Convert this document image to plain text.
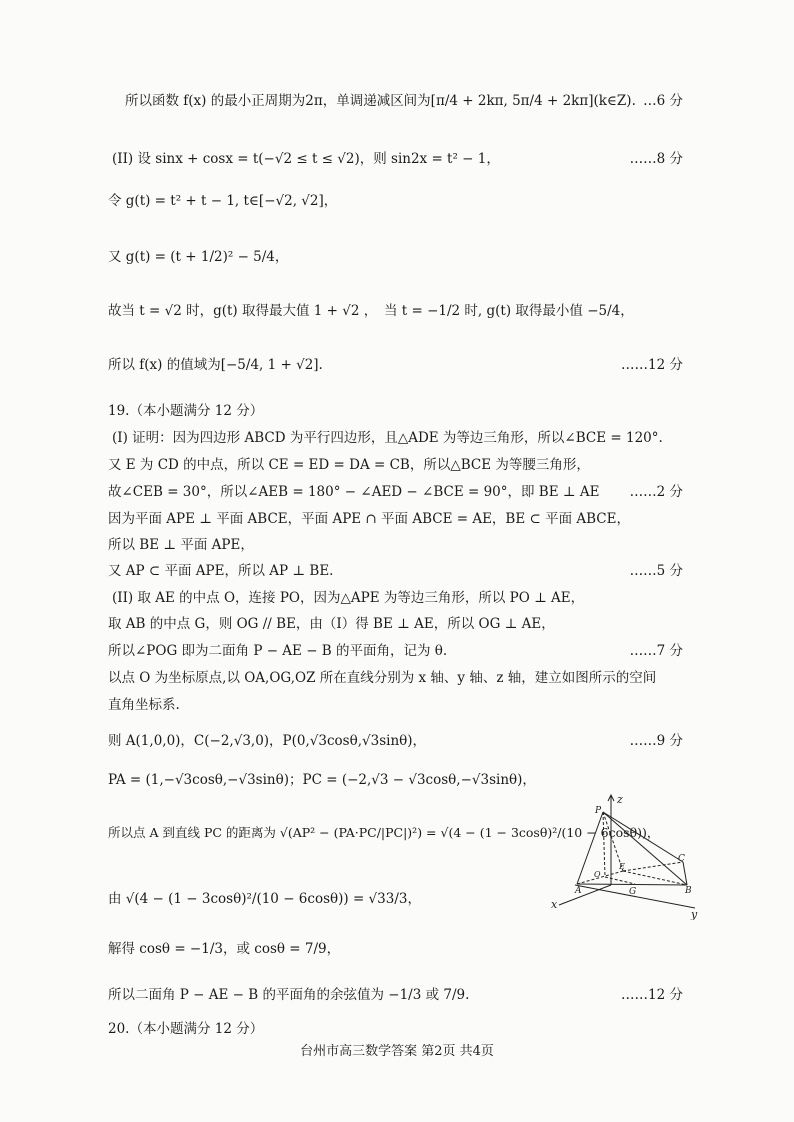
所以函数 f(x) 的最小正周期为2π，单调递减区间为[π/4 + 2kπ, 5π/4 + 2kπ](k∈Z). …6 分
(II) 设 sinx + cosx = t(−√2 ≤ t ≤ √2)，则 sin2x = t² − 1，	……8 分
令 g(t) = t² + t − 1, t∈[−√2, √2]，
又 g(t) = (t + 1/2)² − 5/4，
故当 t = √2 时，g(t) 取得最大值 1 + √2 ，　当 t = −1/2 时, g(t) 取得最小值 −5/4，
所以 f(x) 的值域为[−5/4, 1 + √2].	……12 分
19.（本小题满分 12 分）
(I) 证明：因为四边形 ABCD 为平行四边形，且△ADE 为等边三角形，所以∠BCE = 120°.
又 E 为 CD 的中点，所以 CE = ED = DA = CB，所以△BCE 为等腰三角形，
故∠CEB = 30°，所以∠AEB = 180° − ∠AED − ∠BCE = 90°，即 BE ⊥ AE ……2 分
因为平面 APE ⊥ 平面 ABCE，平面 APE ∩ 平面 ABCE = AE，BE ⊂ 平面 ABCE，
所以 BE ⊥ 平面 APE，
又 AP ⊂ 平面 APE，所以 AP ⊥ BE.	……5 分
(II) 取 AE 的中点 O，连接 PO，因为△APE 为等边三角形，所以 PO ⊥ AE，
取 AB 的中点 G，则 OG // BE，由（I）得 BE ⊥ AE，所以 OG ⊥ AE，
所以∠POG 即为二面角 P − AE − B 的平面角，记为 θ.	……7 分
以点 O 为坐标原点,以 OA,OG,OZ 所在直线分别为 x 轴、y 轴、z 轴，建立如图所示的空间
直角坐标系.
则 A(1,0,0)，C(−2,√3,0)，P(0,√3cosθ,√3sinθ)，	……9 分
PA = (1,−√3cosθ,−√3sinθ)；PC = (−2,√3 − √3cosθ,−√3sinθ)，
所以点 A 到直线 PC 的距离为 √(AP² − (PA·PC/|PC|)²) = √(4 − (1 − 3cosθ)²/(10 − 6cosθ))，
由 √(4 − (1 − 3cosθ)²/(10 − 6cosθ)) = √33/3，
解得 cosθ = −1/3，或 cosθ = 7/9，
所以二面角 P − AE − B 的平面角的余弦值为 −1/3 或 7/9.	……12 分
20.（本小题满分 12 分）
z
P
C
E
O
A	G	B
x
y
台州市高三数学答案 第2页 共4页
